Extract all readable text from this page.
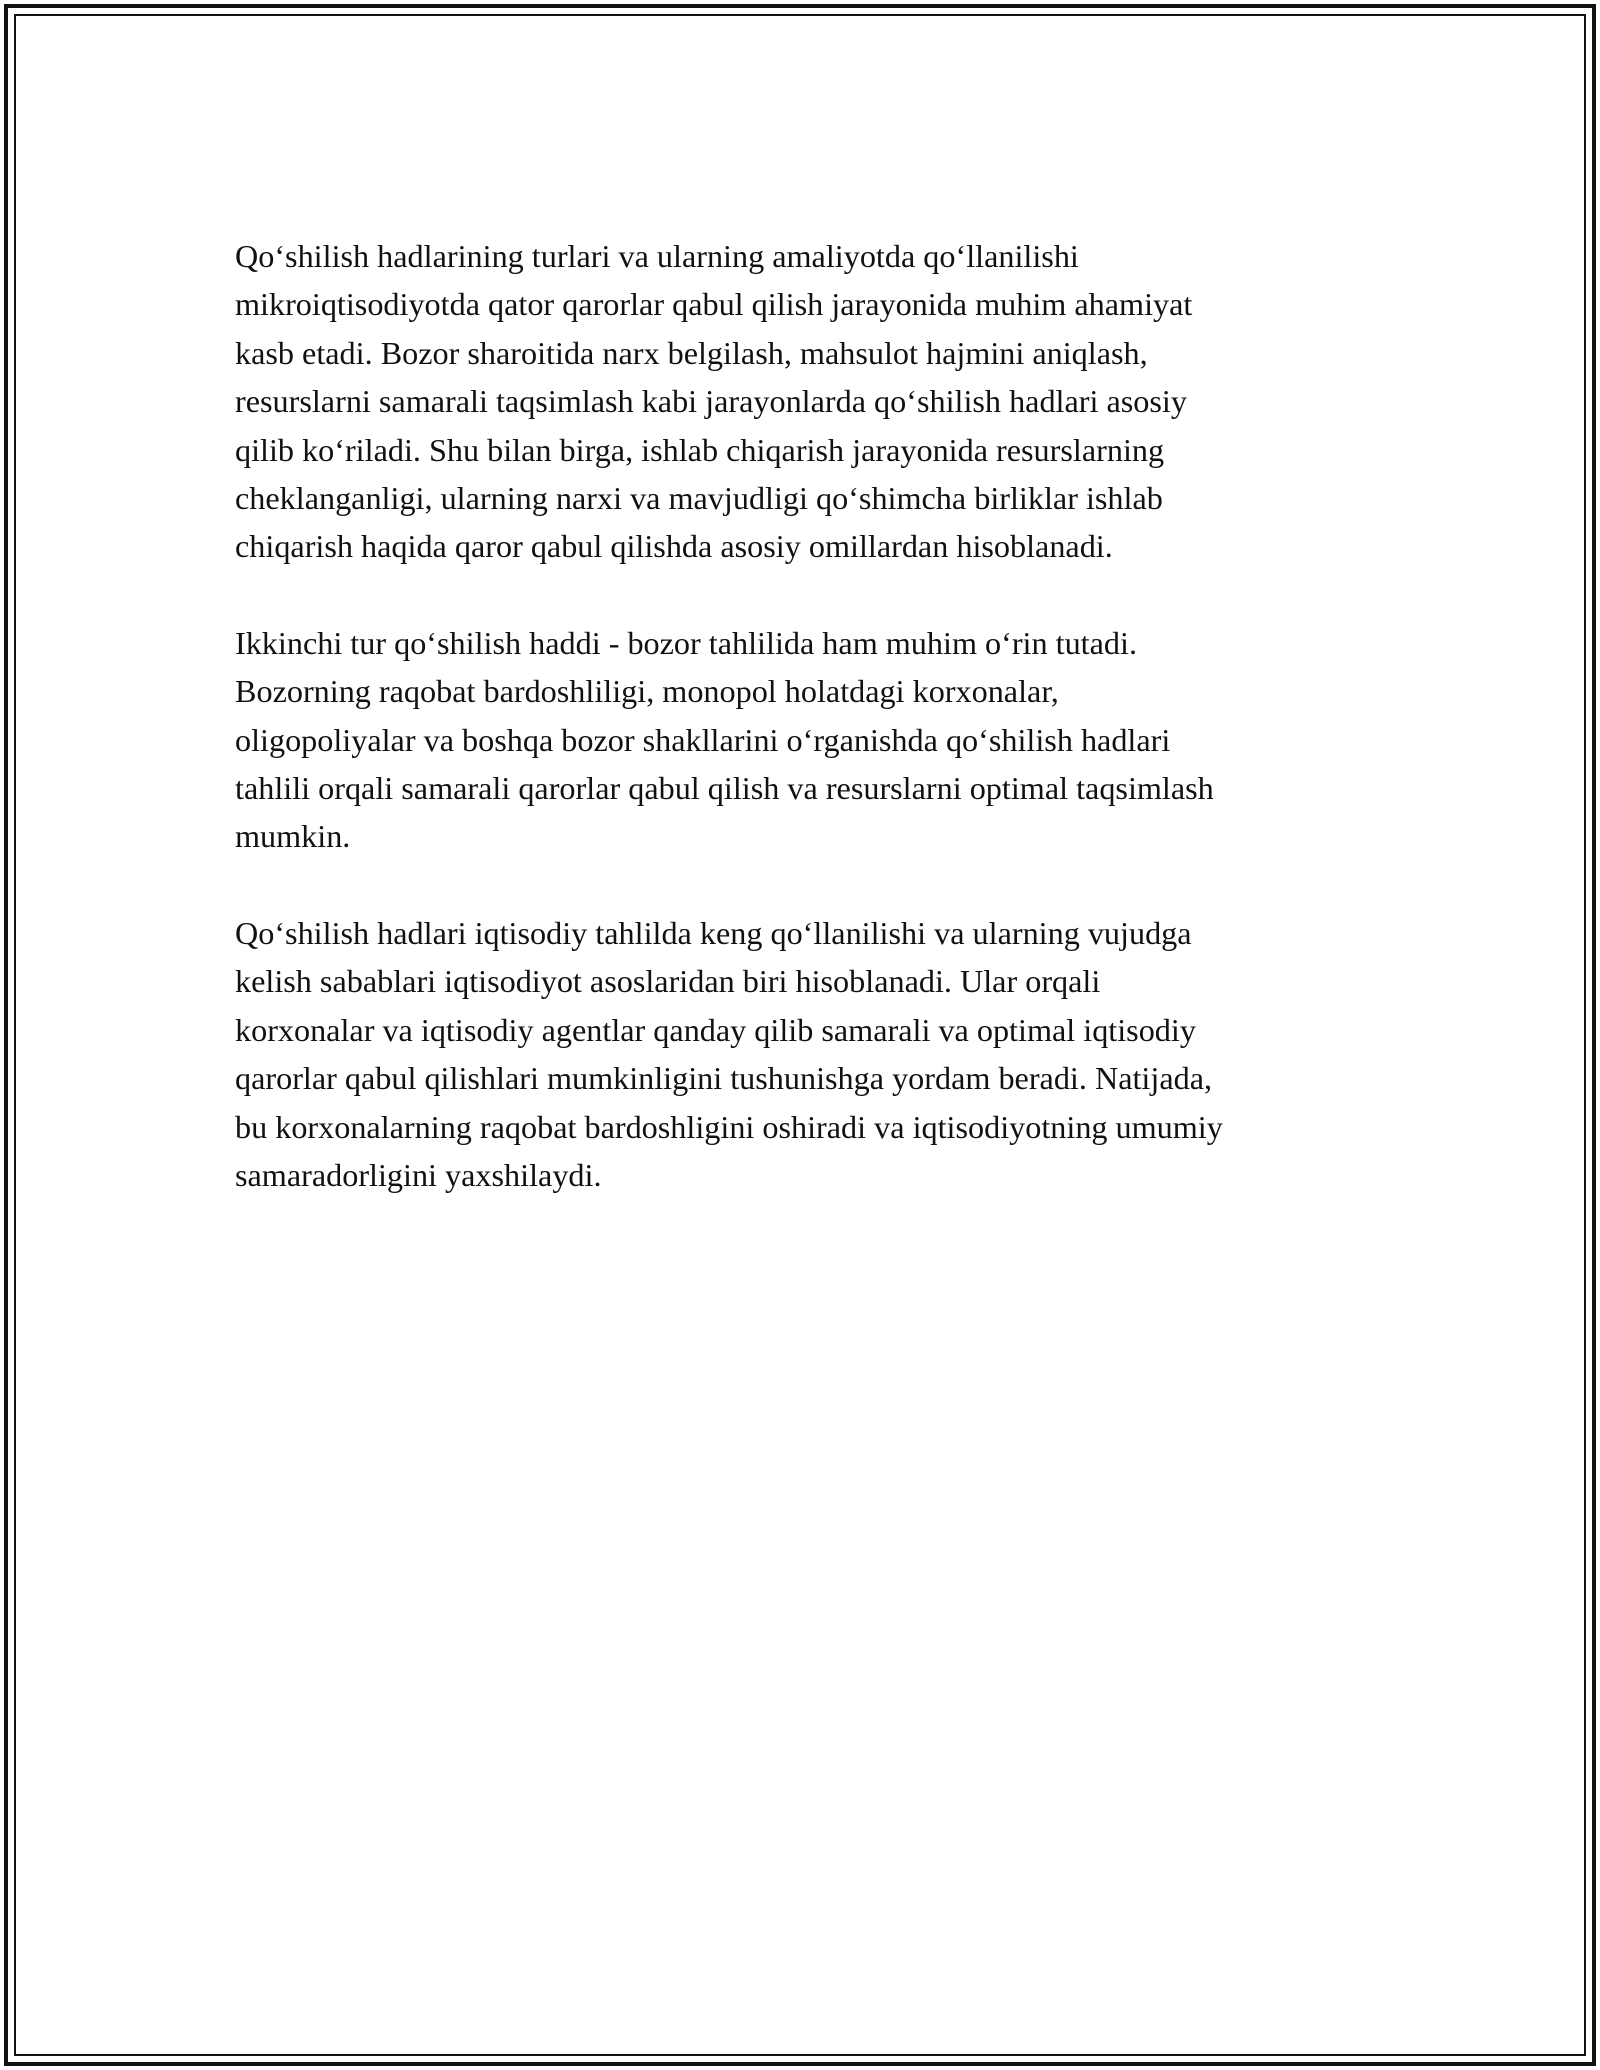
Qo‘shilish hadlarining turlari va ularning amaliyotda qo‘llanilishi
mikroiqtisodiyotda qator qarorlar qabul qilish jarayonida muhim ahamiyat
kasb etadi. Bozor sharoitida narx belgilash, mahsulot hajmini aniqlash,
resurslarni samarali taqsimlash kabi jarayonlarda qo‘shilish hadlari asosiy
qilib ko‘riladi. Shu bilan birga, ishlab chiqarish jarayonida resurslarning
cheklanganligi, ularning narxi va mavjudligi qo‘shimcha birliklar ishlab
chiqarish haqida qaror qabul qilishda asosiy omillardan hisoblanadi.

Ikkinchi tur qo‘shilish haddi - bozor tahlilida ham muhim o‘rin tutadi.
Bozorning raqobat bardoshliligi, monopol holatdagi korxonalar,
oligopoliyalar va boshqa bozor shakllarini o‘rganishda qo‘shilish hadlari
tahlili orqali samarali qarorlar qabul qilish va resurslarni optimal taqsimlash
mumkin.

Qo‘shilish hadlari iqtisodiy tahlilda keng qo‘llanilishi va ularning vujudga
kelish sabablari iqtisodiyot asoslaridan biri hisoblanadi. Ular orqali
korxonalar va iqtisodiy agentlar qanday qilib samarali va optimal iqtisodiy
qarorlar qabul qilishlari mumkinligini tushunishga yordam beradi. Natijada,
bu korxonalarning raqobat bardoshligini oshiradi va iqtisodiyotning umumiy
samaradorligini yaxshilaydi.
